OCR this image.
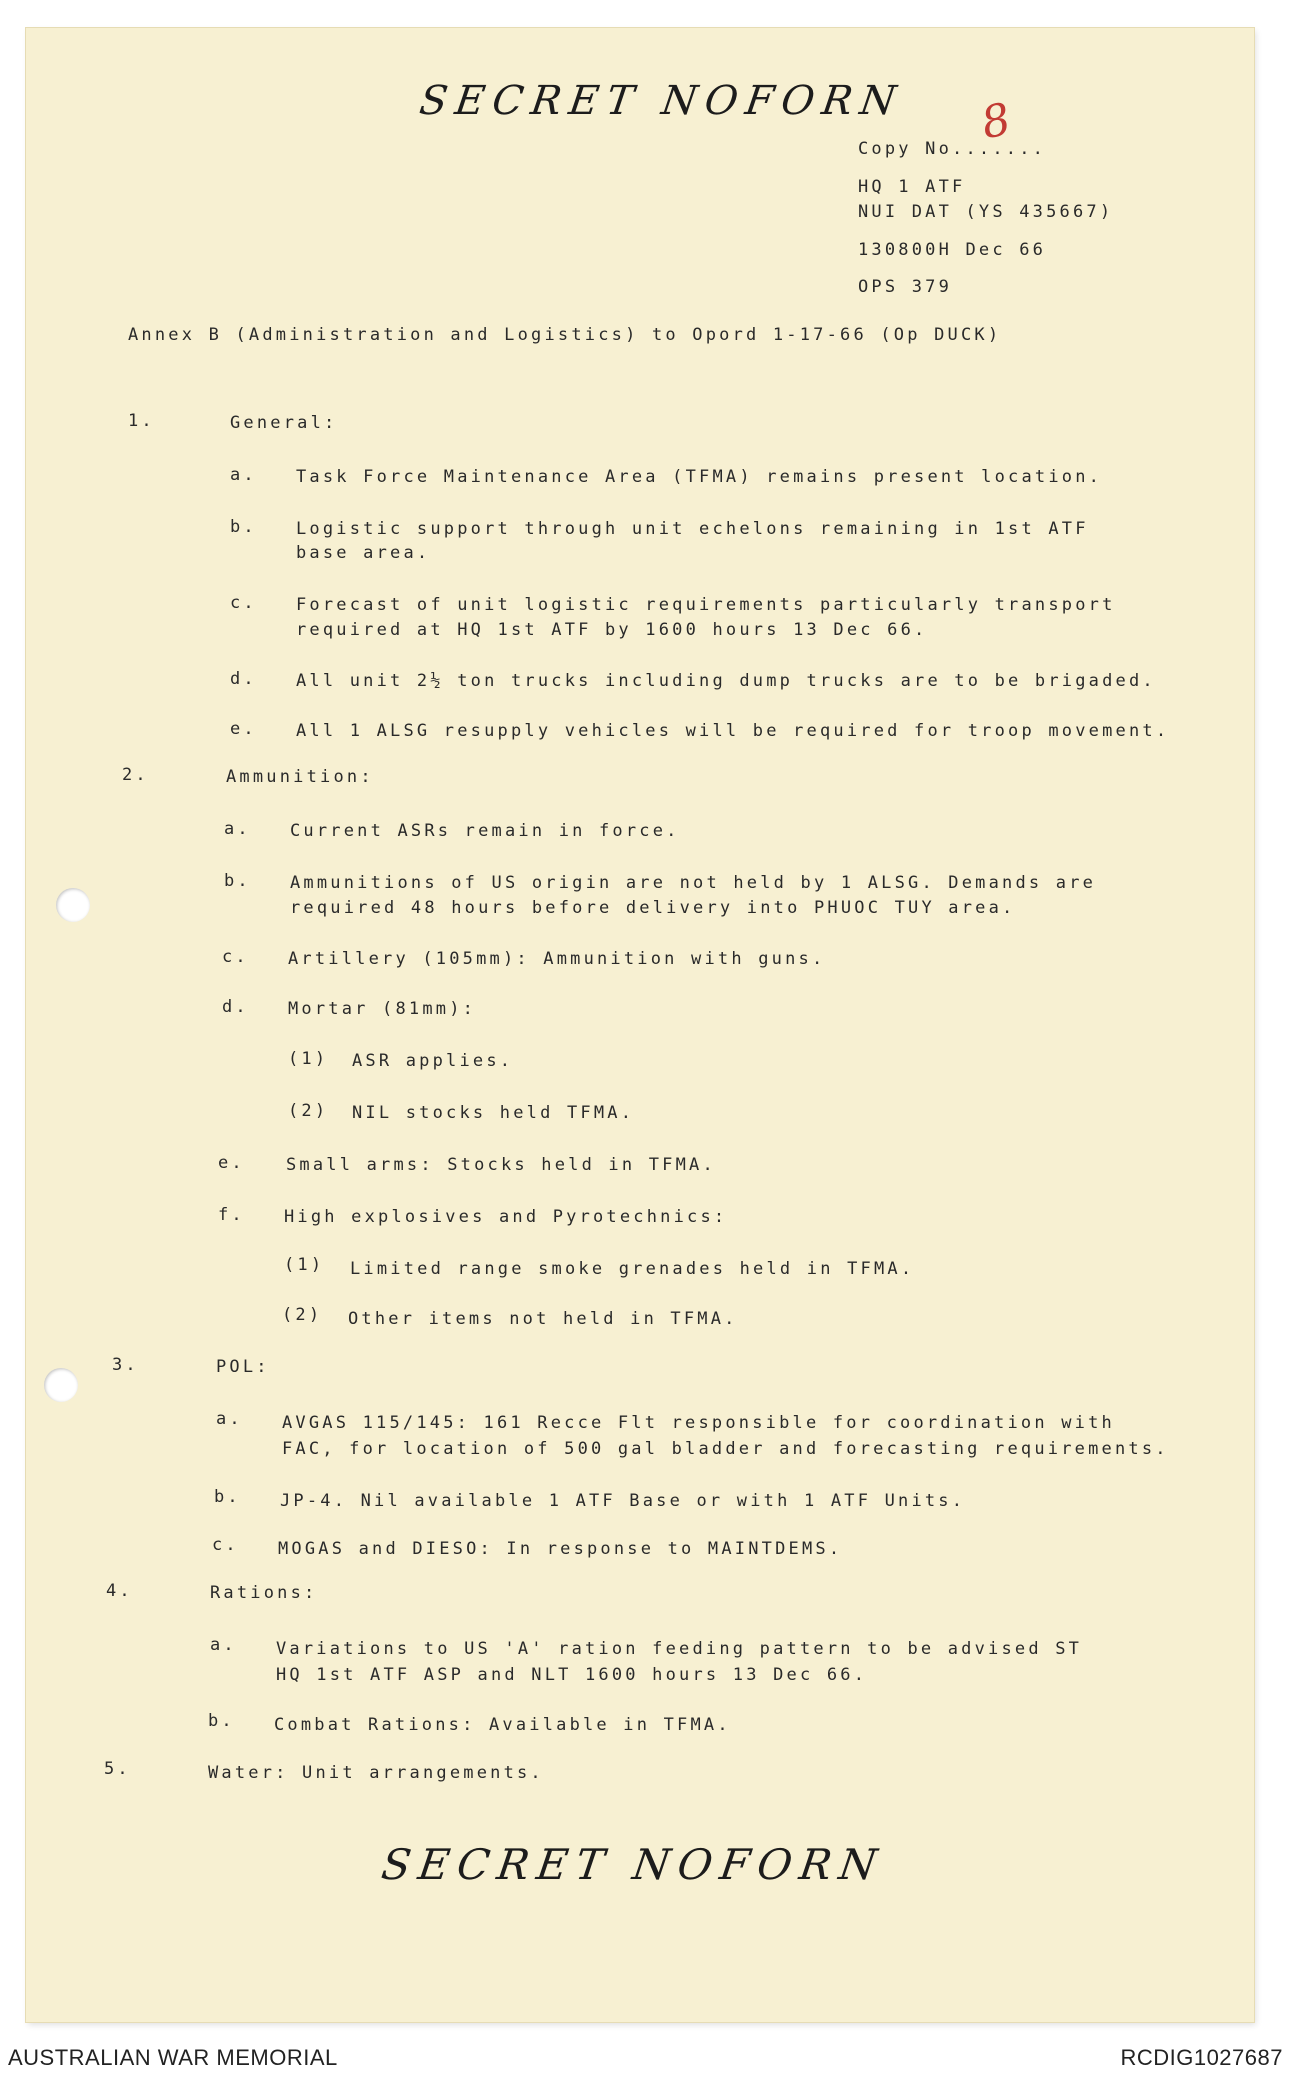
SECRET NOFORN 8
Copy No.......
HQ 1 ATF
NUI DAT (YS 435667)
130800H Dec 66
OPS 379
Annex B (Administration and Logistics) to Opord 1-17-66 (Op DUCK)
1.	General:
a. Task Force Maintenance Area (TFMA) remains present location.
b. Logistic support through unit echelons remaining in 1st ATF
base area.
c. Forecast of unit logistic requirements particularly transport
required at HQ 1st ATF by 1600 hours 13 Dec 66.
d. All unit 2½ ton trucks including dump trucks are to be brigaded.
e. All 1 ALSG resupply vehicles will be required for troop movement.
2.	Ammunition:
a. Current ASRs remain in force.
b. Ammunitions of US origin are not held by 1 ALSG. Demands are
required 48 hours before delivery into PHUOC TUY area.
c. Artillery (105mm): Ammunition with guns.
d. Mortar (81mm):
(1) ASR applies.
(2) NIL stocks held TFMA.
e. Small arms: Stocks held in TFMA.
f. High explosives and Pyrotechnics:
(1) Limited range smoke grenades held in TFMA.
(2) Other items not held in TFMA.
3.	POL:
a. AVGAS 115/145: 161 Recce Flt responsible for coordination with
FAC, for location of 500 gal bladder and forecasting requirements.
b. JP-4. Nil available 1 ATF Base or with 1 ATF Units.
c. MOGAS and DIESO: In response to MAINTDEMS.
4.	Rations:
a. Variations to US 'A' ration feeding pattern to be advised ST
HQ 1st ATF ASP and NLT 1600 hours 13 Dec 66.
b. Combat Rations: Available in TFMA.
5.	Water: Unit arrangements.
SECRET NOFORN
AUSTRALIAN WAR MEMORIAL	RCDIG1027687
